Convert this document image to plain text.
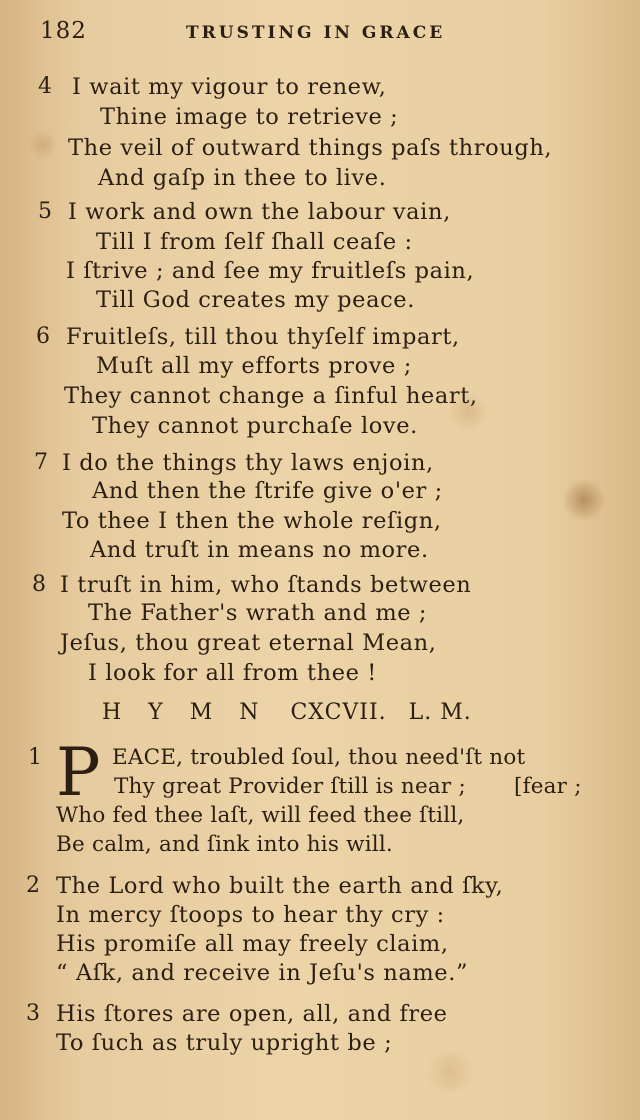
182	TRUSTING IN GRACE
4 I wait my vigour to renew,
Thine image to retrieve ;
The veil of outward things paſs through,
And gaſp in thee to live.
5 I work and own the labour vain,
Till I from ſelf ſhall ceaſe :
I ſtrive ; and ſee my fruitleſs pain,
Till God creates my peace.
6 Fruitleſs, till thou thyſelf impart,
Muſt all my efforts prove ;
They cannot change a ſinful heart,
They cannot purchaſe love.
7 I do the things thy laws enjoin,
And then the ſtrife give o'er ;
To thee I then the whole reſign,
And truſt in means no more.
8 I truſt in him, who ſtands between
The Father's wrath and me ;
Jeſus, thou great eternal Mean,
I look for all from thee !
H Y M N CXCVII. L. M.
1 P EACE, troubled ſoul, thou need'ſt not
Thy great Provider ſtill is near ; [fear ;
Who fed thee laſt, will feed thee ſtill,
Be calm, and ſink into his will.
2 The Lord who built the earth and ſky,
In mercy ſtoops to hear thy cry :
His promiſe all may freely claim,
“ Aſk, and receive in Jeſu's name.”
3 His ſtores are open, all, and free
To ſuch as truly upright be ;
